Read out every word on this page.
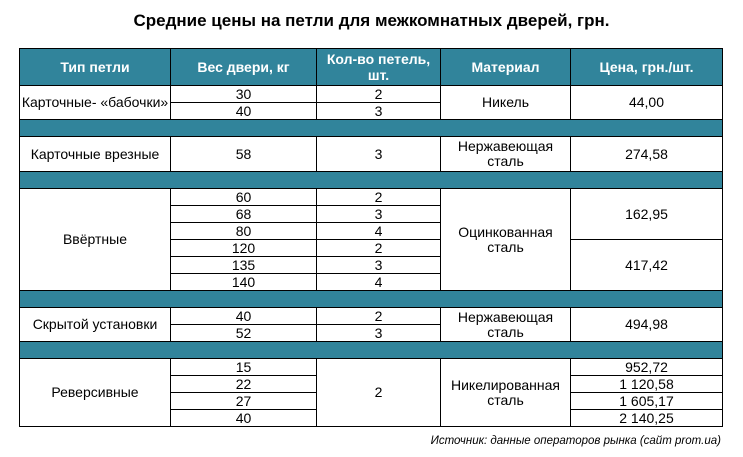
Средние цены на петли для межкомнатных дверей, грн.
Тип петли	Вес двери, кг	Кол-во петель, шт.	Материал	Цена, грн./шт.
Карточные- «бабочки»	30	2	Никель	44,00
	40	3		

Карточные врезные	58	3	Нержавеющая сталь	274,58

Ввёртные	60	2	Оцинкованная сталь	162,95
	68	3		
	80	4		
	120	2		417,42
	135	3		
	140	4		

Скрытой установки	40	2	Нержавеющая сталь	494,98
	52	3		

Реверсивные	15	2	Никелированная сталь	952,72
	22			1 120,58
	27			1 605,17
	40			2 140,25
Источник: данные операторов рынка (сайт prom.ua)
